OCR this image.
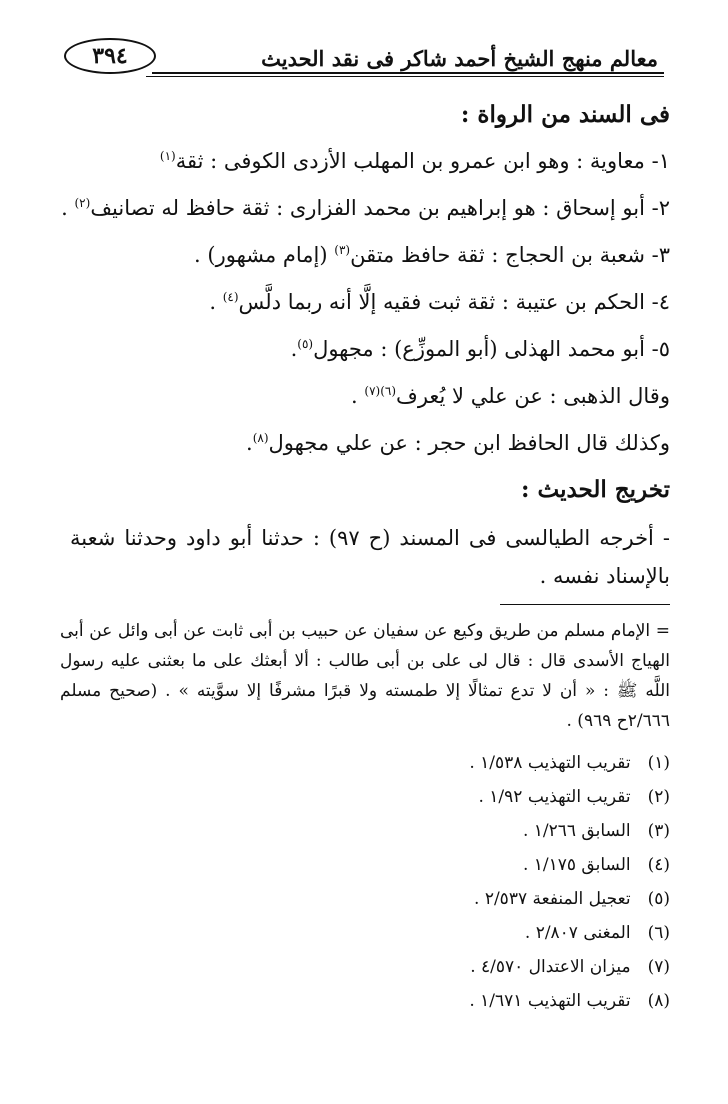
معالم منهج الشيخ أحمد شاكر فى نقد الحديث
٣٩٤

فى السند من الرواة :

١- معاوية : وهو ابن عمرو بن المهلب الأزدى الكوفى : ثقة$^{(١)}$

٢- أبو إسحاق : هو إبراهيم بن محمد الفزارى : ثقة حافظ له تصانيف$^{(٢)}$ .

٣- شعبة بن الحجاج : ثقة حافظ متقن$^{(٣)}$ (إمام مشهور) .

٤- الحكم بن عتيبة : ثقة ثبت فقيه إلَّا أنه ربما دلَّس$^{(٤)}$ .

٥- أبو محمد الهذلى (أبو الموزِّع) : مجهول$^{(٥)}$.

وقال الذهبى : عن علي لا يُعرف$^{(٦)(٧)}$ .

وكذلك قال الحافظ ابن حجر : عن علي مجهول$^{(٨)}$.

تخريج الحديث :

- أخرجه الطيالسى فى المسند (ح ٩٧) : حدثنا أبو داود وحدثنا شعبة بالإسناد نفسه .

= الإمام مسلم من طريق وكيع عن سفيان عن حبيب بن أبى ثابت عن أبى وائل عن أبى الهياج الأسدى قال : قال لى على بن أبى طالب : ألا أبعثك على ما بعثنى عليه رسول اللَّه ﷺ : « أن لا تدع تمثالًا إلا طمسته ولا قبرًا مشرفًا إلا سوَّيته » . (صحيح مسلم ٢/٦٦٦ح ٩٦٩) .

(١) تقريب التهذيب ١/٥٣٨ .

(٢) تقريب التهذيب ١/٩٢ .

(٣) السابق ١/٢٦٦ .

(٤) السابق ١/١٧٥ .

(٥) تعجيل المنفعة ٢/٥٣٧ .

(٦) المغنى ٢/٨٠٧ .

(٧) ميزان الاعتدال ٤/٥٧٠ .

(٨) تقريب التهذيب ١/٦٧١ .
